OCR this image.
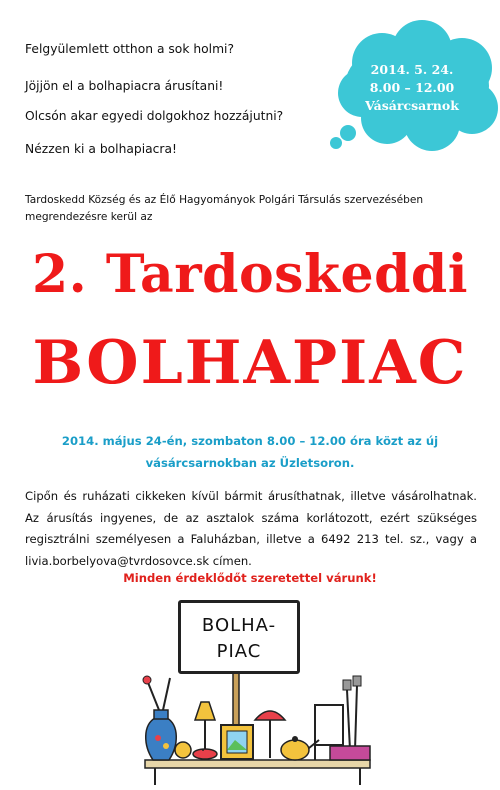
Felgyülemlett otthon a sok holmi?
Jöjjön el a bolhapiacra árusítani!
Olcsón akar egyedi dolgokhoz hozzájutni?
Nézzen ki a bolhapiacra!
2014. 5. 24.
8.00 – 12.00
Vásárcsarnok
Tardoskedd Község és az Élő Hagyományok Polgári Társulás szervezésében
megrendezésre kerül az
2. Tardoskeddi
BOLHAPIAC
2014. május 24-én, szombaton 8.00 – 12.00 óra közt az új
vásárcsarnokban az Üzletsoron.
Cipőn és ruházati cikkeken kívül bármit árusíthatnak, illetve vásárolhatnak. Az árusítás ingyenes, de az asztalok száma korlátozott, ezért szükséges regisztrálni személyesen a Faluházban, illetve a 6492 213 tel. sz., vagy a livia.borbelyova@tvrdosovce.sk címen.
Minden érdeklődőt szeretettel várunk!
BOLHA-
PIAC
